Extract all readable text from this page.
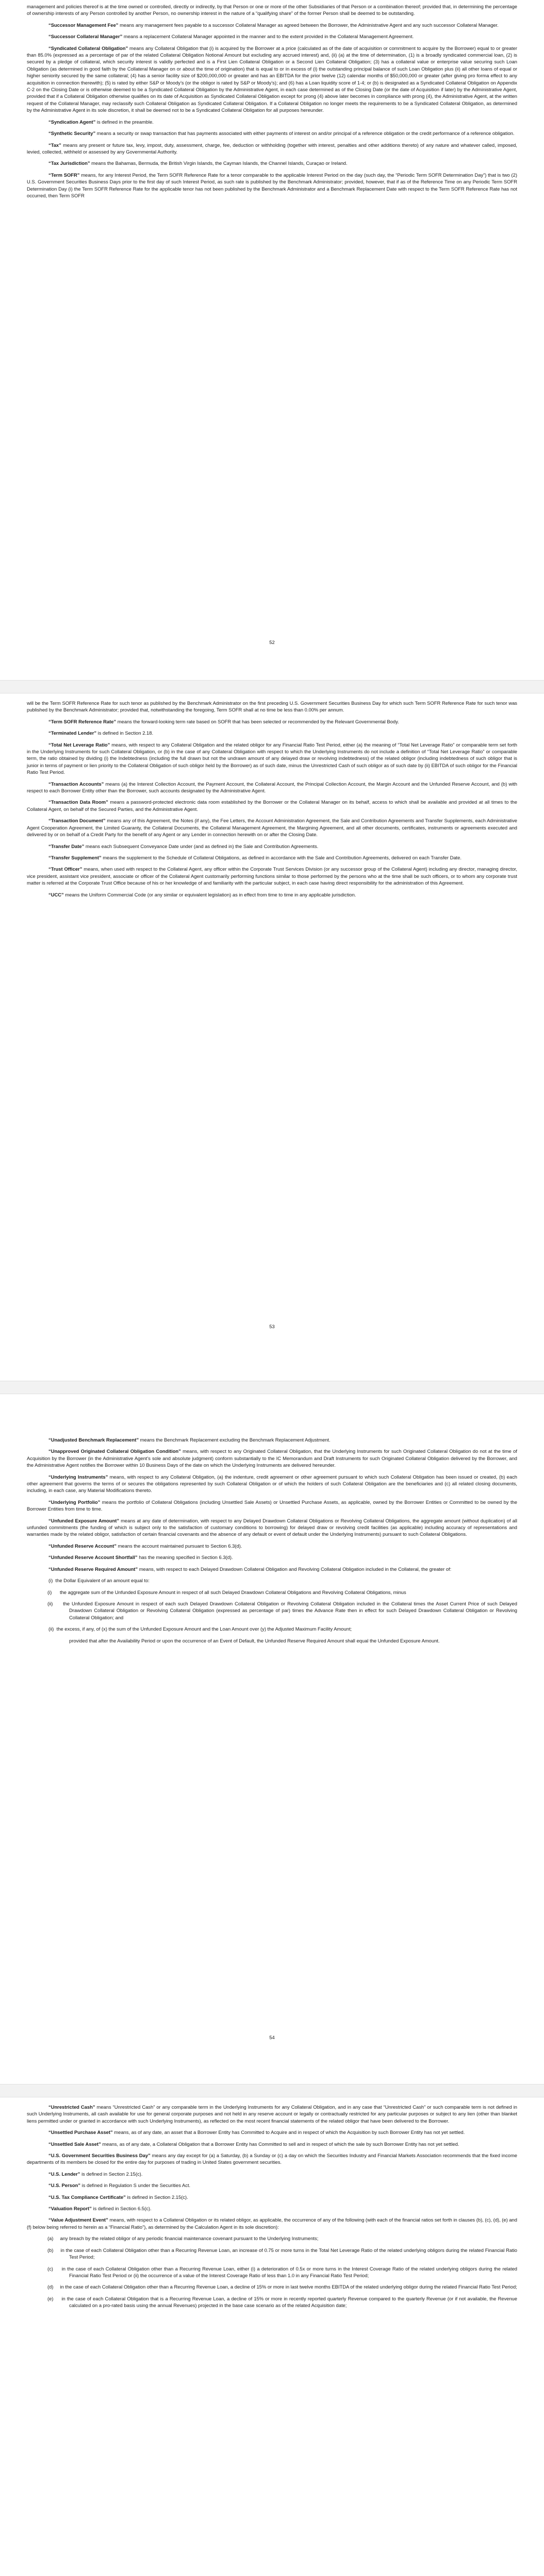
management and policies thereof is at the time owned or controlled, directly or indirectly, by that Person or one or more of the other Subsidiaries of that Person or a combination thereof; provided that, in determining the percentage of ownership interests of any Person controlled by another Person, no ownership interest in the nature of a “qualifying share” of the former Person shall be deemed to be outstanding.

“Successor Management Fee” means any management fees payable to a successor Collateral Manager as agreed between the Borrower, the Administrative Agent and any such successor Collateral Manager.

“Successor Collateral Manager” means a replacement Collateral Manager appointed in the manner and to the extent provided in the Collateral Management Agreement.

“Syndicated Collateral Obligation” means any Collateral Obligation that (i) is acquired by the Borrower at a price (calculated as of the date of acquisition or commitment to acquire by the Borrower) equal to or greater than 85.0% (expressed as a percentage of par of the related Collateral Obligation Notional Amount but excluding any accrued interest) and, (ii) (a) at the time of determination, (1) is a broadly syndicated commercial loan, (2) is secured by a pledge of collateral, which security interest is validly perfected and is a First Lien Collateral Obligation or a Second Lien Collateral Obligation; (3) has a collateral value or enterprise value securing such Loan Obligation (as determined in good faith by the Collateral Manager on or about the time of origination) that is equal to or in excess of (i) the outstanding principal balance of such Loan Obligation plus (ii) all other loans of equal or higher seniority secured by the same collateral; (4) has a senior facility size of $200,000,000 or greater and has an EBITDA for the prior twelve (12) calendar months of $50,000,000 or greater (after giving pro forma effect to any acquisition in connection therewith); (5) is rated by either S&P or Moody’s (or the obligor is rated by S&P or Moody’s); and (6) has a Loan liquidity score of 1-4; or (b) is designated as a Syndicated Collateral Obligation on Appendix C-2 on the Closing Date or is otherwise deemed to be a Syndicated Collateral Obligation by the Administrative Agent, in each case determined as of the Closing Date (or the date of Acquisition if later) by the Administrative Agent, provided that if a Collateral Obligation otherwise qualifies on its date of Acquisition as Syndicated Collateral Obligation except for prong (4) above later becomes in compliance with prong (4), the Administrative Agent, at the written request of the Collateral Manager, may reclassify such Collateral Obligation as Syndicated Collateral Obligation. If a Collateral Obligation no longer meets the requirements to be a Syndicated Collateral Obligation, as determined by the Administrative Agent in its sole discretion, it shall be deemed not to be a Syndicated Collateral Obligation for all purposes hereunder.

“Syndication Agent” is defined in the preamble.

“Synthetic Security” means a security or swap transaction that has payments associated with either payments of interest on and/or principal of a reference obligation or the credit performance of a reference obligation.

“Tax” means any present or future tax, levy, impost, duty, assessment, charge, fee, deduction or withholding (together with interest, penalties and other additions thereto) of any nature and whatever called, imposed, levied, collected, withheld or assessed by any Governmental Authority.

“Tax Jurisdiction” means the Bahamas, Bermuda, the British Virgin Islands, the Cayman Islands, the Channel Islands, Curaçao or Ireland.

“Term SOFR” means, for any Interest Period, the Term SOFR Reference Rate for a tenor comparable to the applicable Interest Period on the day (such day, the “Periodic Term SOFR Determination Day”) that is two (2) U.S. Government Securities Business Days prior to the first day of such Interest Period, as such rate is published by the Benchmark Administrator; provided, however, that if as of the Reference Time on any Periodic Term SOFR Determination Day (i) the Term SOFR Reference Rate for the applicable tenor has not been published by the Benchmark Administrator and a Benchmark Replacement Date with respect to the Term SOFR Reference Rate has not occurred, then Term SOFR

52

will be the Term SOFR Reference Rate for such tenor as published by the Benchmark Administrator on the first preceding U.S. Government Securities Business Day for which such Term SOFR Reference Rate for such tenor was published by the Benchmark Administrator; provided that, notwithstanding the foregoing, Term SOFR shall at no time be less than 0.00% per annum.

“Term SOFR Reference Rate” means the forward-looking term rate based on SOFR that has been selected or recommended by the Relevant Governmental Body.

“Terminated Lender” is defined in Section 2.18.

“Total Net Leverage Ratio” means, with respect to any Collateral Obligation and the related obligor for any Financial Ratio Test Period, either (a) the meaning of “Total Net Leverage Ratio” or comparable term set forth in the Underlying Instruments for such Collateral Obligation, or (b) in the case of any Collateral Obligation with respect to which the Underlying Instruments do not include a definition of “Total Net Leverage Ratio” or comparable term, the ratio obtained by dividing (i) the Indebtedness (including the full drawn but not the undrawn amount of any delayed draw or revolving indebtedness) of the related obligor (including indebtedness of such obligor that is junior in terms of payment or lien priority to the Collateral Obligation of such obligor held by the Borrower) as of such date, minus the Unrestricted Cash of such obligor as of such date by (ii) EBITDA of such obligor for the Financial Ratio Test Period.

“Transaction Accounts” means (a) the Interest Collection Account, the Payment Account, the Collateral Account, the Principal Collection Account, the Margin Account and the Unfunded Reserve Account, and (b) with respect to each Borrower Entity other than the Borrower, such accounts designated by the Administrative Agent.

“Transaction Data Room” means a password-protected electronic data room established by the Borrower or the Collateral Manager on its behalf, access to which shall be available and provided at all times to the Collateral Agent, on behalf of the Secured Parties, and the Administrative Agent.

“Transaction Document” means any of this Agreement, the Notes (if any), the Fee Letters, the Account Administration Agreement, the Sale and Contribution Agreements and Transfer Supplements, each Administrative Agent Cooperation Agreement, the Limited Guaranty, the Collateral Documents, the Collateral Management Agreement, the Margining Agreement, and all other documents, certificates, instruments or agreements executed and delivered by or on behalf of a Credit Party for the benefit of any Agent or any Lender in connection herewith on or after the Closing Date.

“Transfer Date” means each Subsequent Conveyance Date under (and as defined in) the Sale and Contribution Agreements.

“Transfer Supplement” means the supplement to the Schedule of Collateral Obligations, as defined in accordance with the Sale and Contribution Agreements, delivered on each Transfer Date.

“Trust Officer” means, when used with respect to the Collateral Agent, any officer within the Corporate Trust Services Division (or any successor group of the Collateral Agent) including any director, managing director, vice president, assistant vice president, associate or officer of the Collateral Agent customarily performing functions similar to those performed by the persons who at the time shall be such officers, or to whom any corporate trust matter is referred at the Corporate Trust Office because of his or her knowledge of and familiarity with the particular subject, in each case having direct responsibility for the administration of this Agreement.

“UCC” means the Uniform Commercial Code (or any similar or equivalent legislation) as in effect from time to time in any applicable jurisdiction.

53

“Unadjusted Benchmark Replacement” means the Benchmark Replacement excluding the Benchmark Replacement Adjustment.

“Unapproved Originated Collateral Obligation Condition” means, with respect to any Originated Collateral Obligation, that the Underlying Instruments for such Originated Collateral Obligation do not at the time of Acquisition by the Borrower (in the Administrative Agent’s sole and absolute judgment) conform substantially to the IC Memorandum and Draft Instruments for such Originated Collateral Obligation delivered by the Borrower, and the Administrative Agent notifies the Borrower within 10 Business Days of the date on which the Underlying Instruments are delivered hereunder.

“Underlying Instruments” means, with respect to any Collateral Obligation, (a) the indenture, credit agreement or other agreement pursuant to which such Collateral Obligation has been issued or created, (b) each other agreement that governs the terms of or secures the obligations represented by such Collateral Obligation or of which the holders of such Collateral Obligation are the beneficiaries and (c) all related closing documents, including, in each case, any Material Modifications thereto.

“Underlying Portfolio” means the portfolio of Collateral Obligations (including Unsettled Sale Assets) or Unsettled Purchase Assets, as applicable, owned by the Borrower Entities or Committed to be owned by the Borrower Entities from time to time.

“Unfunded Exposure Amount” means at any date of determination, with respect to any Delayed Drawdown Collateral Obligations or Revolving Collateral Obligations, the aggregate amount (without duplication) of all unfunded commitments (the funding of which is subject only to the satisfaction of customary conditions to borrowing) for delayed draw or revolving credit facilities (as applicable) including accuracy of representations and warranties made by the related obligor, satisfaction of certain financial covenants and the absence of any default or event of default under the Underlying Instruments) pursuant to such Collateral Obligations.

“Unfunded Reserve Account” means the account maintained pursuant to Section 6.3(d).

“Unfunded Reserve Account Shortfall” has the meaning specified in Section 6.3(d).

“Unfunded Reserve Required Amount” means, with respect to each Delayed Drawdown Collateral Obligation and Revolving Collateral Obligation included in the Collateral, the greater of:

(i) the Dollar Equivalent of an amount equal to:

(i) the aggregate sum of the Unfunded Exposure Amount in respect of all such Delayed Drawdown Collateral Obligations and Revolving Collateral Obligations, minus

(ii) the Unfunded Exposure Amount in respect of each such Delayed Drawdown Collateral Obligation or Revolving Collateral Obligation included in the Collateral times the Asset Current Price of such Delayed Drawdown Collateral Obligation or Revolving Collateral Obligation (expressed as percentage of par) times the Advance Rate then in effect for such Delayed Drawdown Collateral Obligation or Revolving Collateral Obligation; and

(ii) the excess, if any, of (x) the sum of the Unfunded Exposure Amount and the Loan Amount over (y) the Adjusted Maximum Facility Amount;

provided that after the Availability Period or upon the occurrence of an Event of Default, the Unfunded Reserve Required Amount shall equal the Unfunded Exposure Amount.

54

“Unrestricted Cash” means “Unrestricted Cash” or any comparable term in the Underlying Instruments for any Collateral Obligation, and in any case that “Unrestricted Cash” or such comparable term is not defined in such Underlying Instruments, all cash available for use for general corporate purposes and not held in any reserve account or legally or contractually restricted for any particular purposes or subject to any lien (other than blanket liens permitted under or granted in accordance with such Underlying Instruments), as reflected on the most recent financial statements of the related obligor that have been delivered to the Borrower.

“Unsettled Purchase Asset” means, as of any date, an asset that a Borrower Entity has Committed to Acquire and in respect of which the Acquisition by such Borrower Entity has not yet settled.

“Unsettled Sale Asset” means, as of any date, a Collateral Obligation that a Borrower Entity has Committed to sell and in respect of which the sale by such Borrower Entity has not yet settled.

“U.S. Government Securities Business Day” means any day except for (a) a Saturday, (b) a Sunday or (c) a day on which the Securities Industry and Financial Markets Association recommends that the fixed income departments of its members be closed for the entire day for purposes of trading in United States government securities.

“U.S. Lender” is defined in Section 2.15(c).

“U.S. Person” is defined in Regulation S under the Securities Act.

“U.S. Tax Compliance Certificate” is defined in Section 2.15(c).

“Valuation Report” is defined in Section 6.5(c).

“Value Adjustment Event” means, with respect to a Collateral Obligation or its related obligor, as applicable, the occurrence of any of the following (with each of the financial ratios set forth in clauses (b), (c), (d), (e) and (f) below being referred to herein as a “Financial Ratio”), as determined by the Calculation Agent in its sole discretion):

(a) any breach by the related obligor of any periodic financial maintenance covenant pursuant to the Underlying Instruments;

(b) in the case of each Collateral Obligation other than a Recurring Revenue Loan, an increase of 0.75 or more turns in the Total Net Leverage Ratio of the related underlying obligors during the related Financial Ratio Test Period;

(c) in the case of each Collateral Obligation other than a Recurring Revenue Loan, either (i) a deterioration of 0.5x or more turns in the Interest Coverage Ratio of the related underlying obligors during the related Financial Ratio Test Period or (ii) the occurrence of a value of the Interest Coverage Ratio of less than 1.0 in any Financial Ratio Test Period;

(d) in the case of each Collateral Obligation other than a Recurring Revenue Loan, a decline of 15% or more in last twelve months EBITDA of the related underlying obligor during the related Financial Ratio Test Period;

(e) in the case of each Collateral Obligation that is a Recurring Revenue Loan, a decline of 15% or more in recently reported quarterly Revenue compared to the quarterly Revenue (or if not available, the Revenue calculated on a pro-rated basis using the annual Revenues) projected in the base case scenario as of the related Acquisition date;
